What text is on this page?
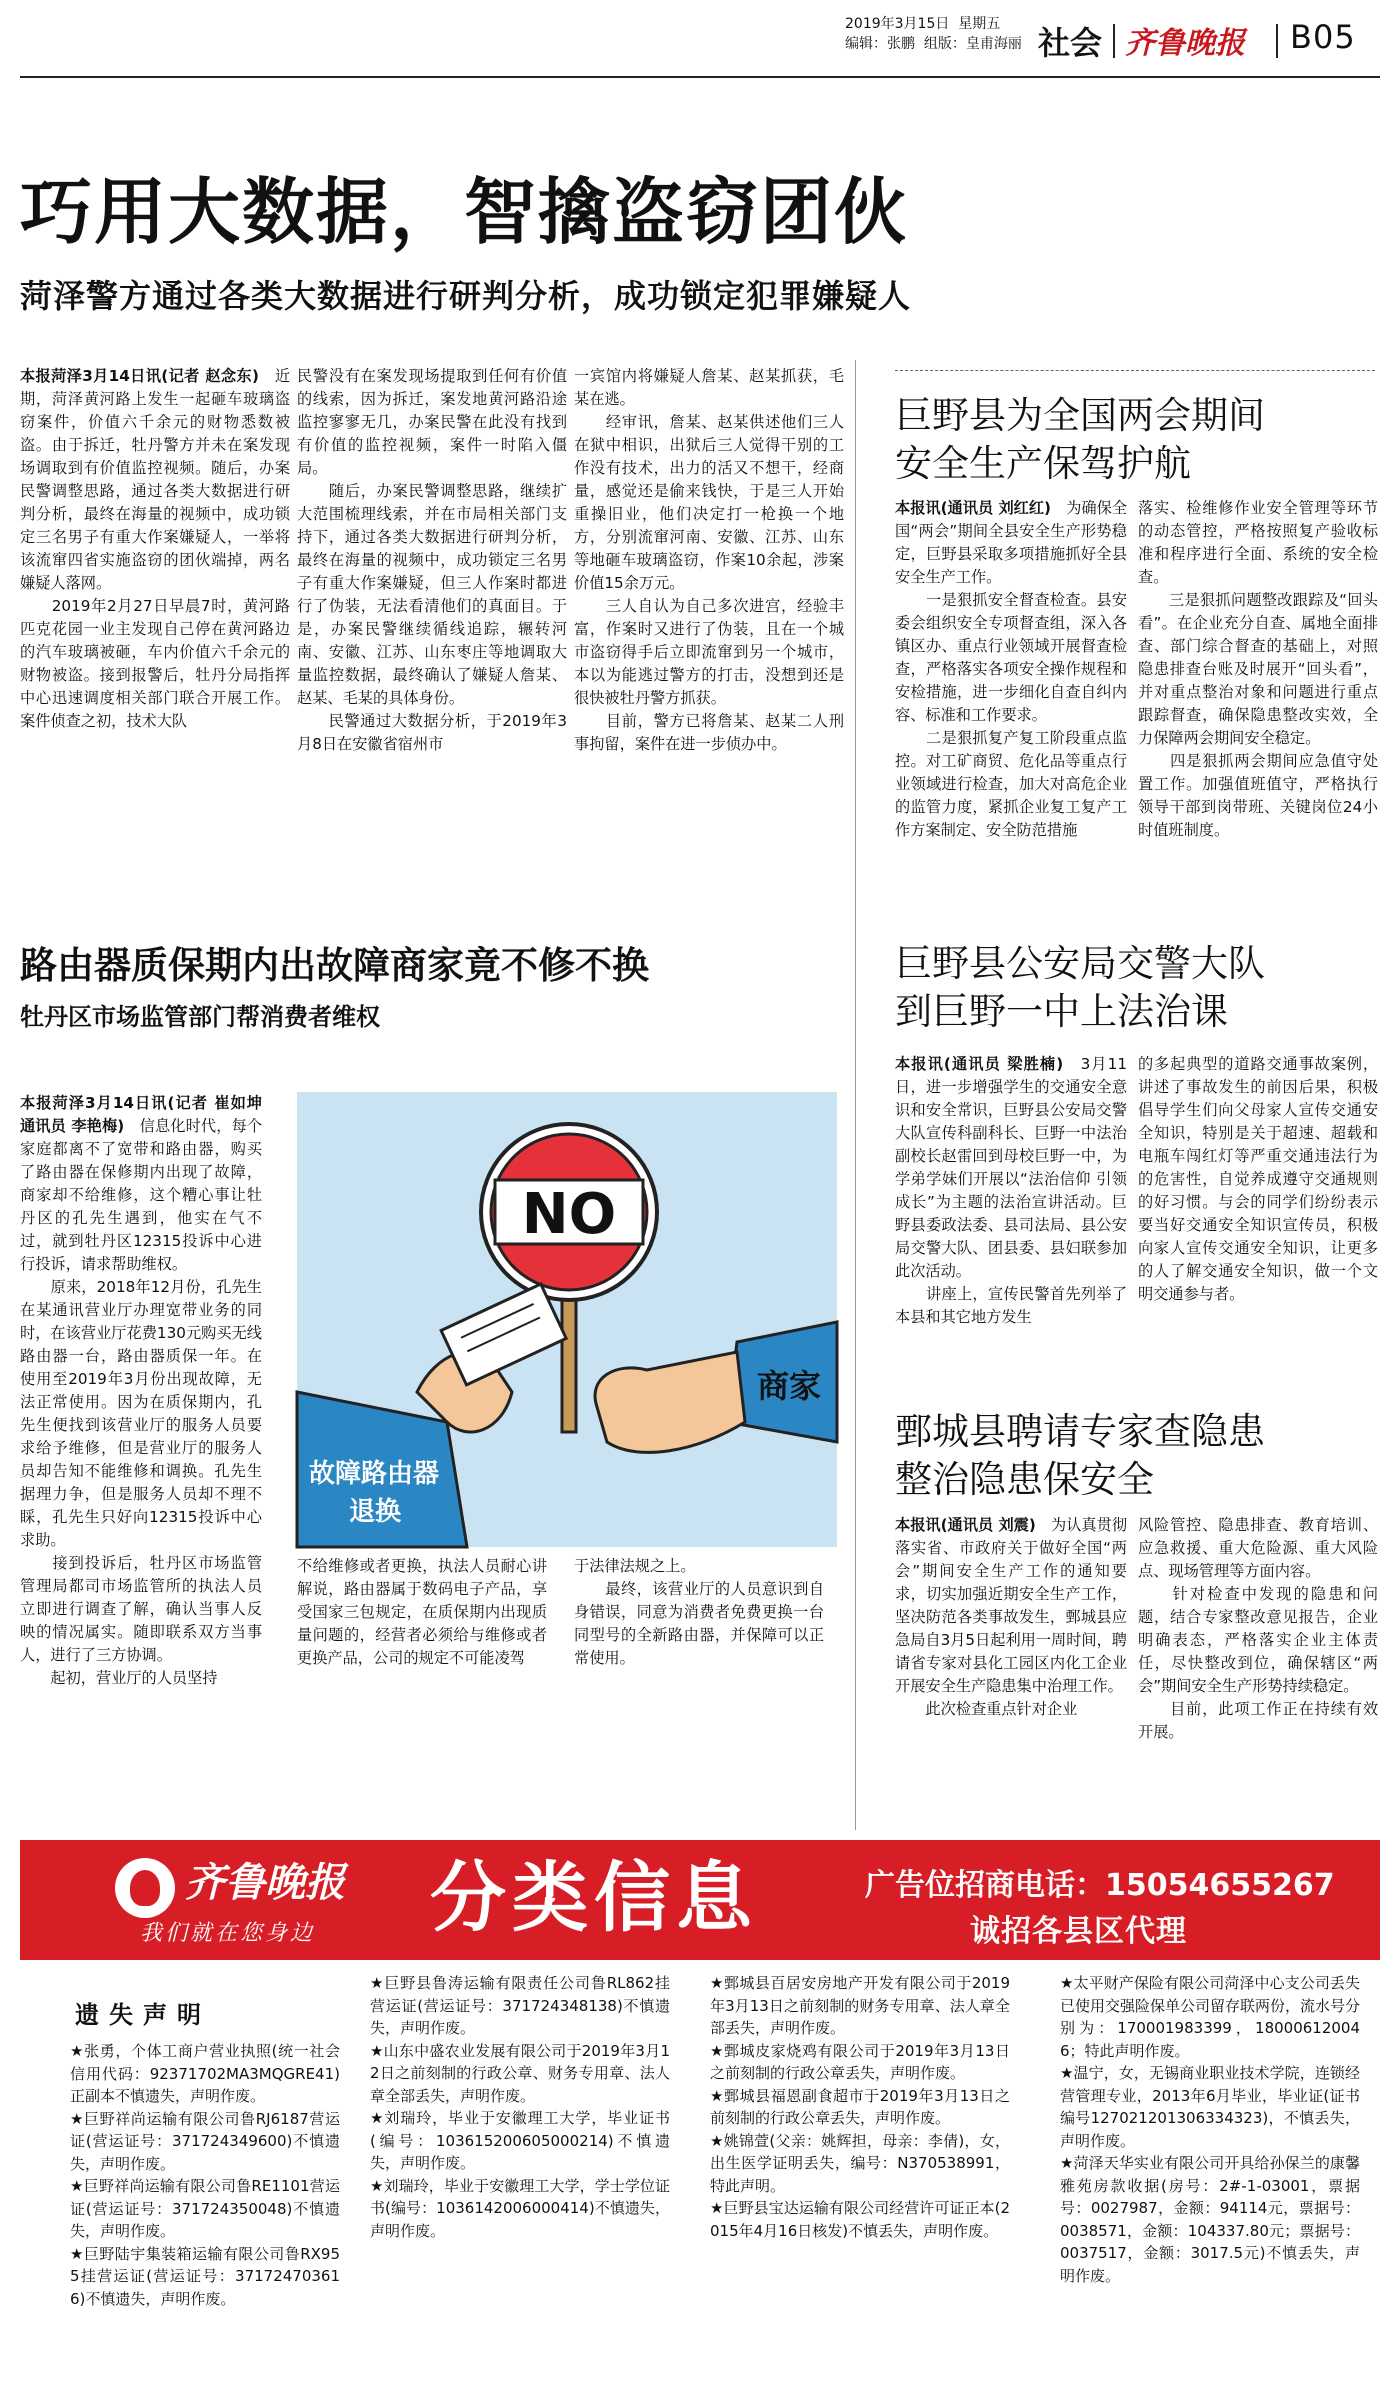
2019年3月15日 星期五
编辑：张鹏 组版：皇甫海丽 社会 齐鲁晚报 B05
巧用大数据，智擒盗窃团伙
菏泽警方通过各类大数据进行研判分析，成功锁定犯罪嫌疑人

本报菏泽3月14日讯(记者 赵念东)　 近期，菏泽黄河路上发生一起砸车玻璃盗窃案件，价值六千余元的财物悉数被盗。由于拆迁，牡丹警方并未在案发现场调取到有价值监控视频。随后，办案民警调整思路，通过各类大数据进行研判分析，最终在海量的视频中，成功锁定三名男子有重大作案嫌疑人，一举将该流窜四省实施盗窃的团伙端掉，两名嫌疑人落网。
　　2019年2月27日早晨7时，黄河路匹克花园一业主发现自己停在黄河路边的汽车玻璃被砸，车内价值六千余元的财物被盗。接到报警后，牡丹分局指挥中心迅速调度相关部门联合开展工作。案件侦查之初，技术大队

民警没有在案发现场提取到任何有价值的线索，因为拆迁，案发地黄河路沿途监控寥寥无几，办案民警在此没有找到有价值的监控视频，案件一时陷入僵局。
　　随后，办案民警调整思路，继续扩大范围梳理线索，并在市局相关部门支持下，通过各类大数据进行研判分析，最终在海量的视频中，成功锁定三名男子有重大作案嫌疑，但三人作案时都进行了伪装，无法看清他们的真面目。于是，办案民警继续循线追踪，辗转河南、安徽、江苏、山东枣庄等地调取大量监控数据，最终确认了嫌疑人詹某、赵某、毛某的具体身份。
　　民警通过大数据分析，于2019年3月8日在安徽省宿州市

一宾馆内将嫌疑人詹某、赵某抓获，毛某在逃。
　　经审讯，詹某、赵某供述他们三人在狱中相识，出狱后三人觉得干别的工作没有技术，出力的活又不想干，经商量，感觉还是偷来钱快，于是三人开始重操旧业，他们决定打一枪换一个地方，分别流窜河南、安徽、江苏、山东等地砸车玻璃盗窃，作案10余起，涉案价值15余万元。
　　三人自认为自己多次进宫，经验丰富，作案时又进行了伪装，且在一个城市盗窃得手后立即流窜到另一个城市，本以为能逃过警方的打击，没想到还是很快被牡丹警方抓获。
　　目前，警方已将詹某、赵某二人刑事拘留，案件在进一步侦办中。

巨野县为全国两会期间
安全生产保驾护航

本报讯(通讯员 刘红红)　 为确保全国“两会”期间全县安全生产形势稳定，巨野县采取多项措施抓好全县安全生产工作。
　　一是狠抓安全督查检查。县安委会组织安全专项督查组，深入各镇区办、重点行业领域开展督查检查，严格落实各项安全操作规程和安检措施，进一步细化自查自纠内容、标准和工作要求。
　　二是狠抓复产复工阶段重点监控。对工矿商贸、危化品等重点行业领域进行检查，加大对高危企业的监管力度，紧抓企业复工复产工作方案制定、安全防范措施

落实、检维修作业安全管理等环节的动态管控，严格按照复产验收标准和程序进行全面、系统的安全检查。
　　三是狠抓问题整改跟踪及“回头看”。在企业充分自查、属地全面排查、部门综合督查的基础上，对照隐患排查台账及时展开“回头看”，并对重点整治对象和问题进行重点跟踪督查，确保隐患整改实效，全力保障两会期间安全稳定。
　　四是狠抓两会期间应急值守处置工作。加强值班值守，严格执行领导干部到岗带班、关键岗位24小时值班制度。

路由器质保期内出故障商家竟不修不换
牡丹区市场监管部门帮消费者维权

本报菏泽3月14日讯(记者 崔如坤 通讯员 李艳梅)　 信息化时代，每个家庭都离不了宽带和路由器，购买了路由器在保修期内出现了故障，商家却不给维修，这个糟心事让牡丹区的孔先生遇到，他实在气不过，就到牡丹区12315投诉中心进行投诉，请求帮助维权。
　　原来，2018年12月份，孔先生在某通讯营业厅办理宽带业务的同时，在该营业厅花费130元购买无线路由器一台，路由器质保一年。在使用至2019年3月份出现故障，无法正常使用。因为在质保期内，孔先生便找到该营业厅的服务人员要求给予维修，但是营业厅的服务人员却告知不能维修和调换。孔先生据理力争，但是服务人员却不理不睬，孔先生只好向12315投诉中心求助。
　　接到投诉后，牡丹区市场监管管理局都司市场监管所的执法人员立即进行调查了解，确认当事人反映的情况属实。随即联系双方当事人，进行了三方协调。
　　起初，营业厅的人员坚持

NO
商家
故障路由器 退换

不给维修或者更换，执法人员耐心讲解说，路由器属于数码电子产品，享受国家三包规定，在质保期内出现质量问题的，经营者必须给与维修或者更换产品，公司的规定不可能凌驾

于法律法规之上。
　　最终，该营业厅的人员意识到自身错误，同意为消费者免费更换一台同型号的全新路由器，并保障可以正常使用。

巨野县公安局交警大队
到巨野一中上法治课

本报讯(通讯员 梁胜楠)　 3月11日，进一步增强学生的交通安全意识和安全常识，巨野县公安局交警大队宣传科副科长、巨野一中法治副校长赵雷回到母校巨野一中，为学弟学妹们开展以“法治信仰 引领成长”为主题的法治宣讲活动。巨野县委政法委、县司法局、县公安局交警大队、团县委、县妇联参加此次活动。
　　讲座上，宣传民警首先列举了本县和其它地方发生

的多起典型的道路交通事故案例，讲述了事故发生的前因后果，积极倡导学生们向父母家人宣传交通安全知识，特别是关于超速、超载和电瓶车闯红灯等严重交通违法行为的危害性，自觉养成遵守交通规则的好习惯。与会的同学们纷纷表示要当好交通安全知识宣传员，积极向家人宣传交通安全知识，让更多的人了解交通安全知识，做一个文明交通参与者。

鄄城县聘请专家查隐患
整治隐患保安全

本报讯(通讯员 刘震)　 为认真贯彻落实省、市政府关于做好全国“两会”期间安全生产工作的通知要求，切实加强近期安全生产工作，坚决防范各类事故发生，鄄城县应急局自3月5日起利用一周时间，聘请省专家对县化工园区内化工企业开展安全生产隐患集中治理工作。
　　此次检查重点针对企业

风险管控、隐患排查、教育培训、应急救援、重大危险源、重大风险点、现场管理等方面内容。
　　针对检查中发现的隐患和问题，结合专家整改意见报告，企业明确表态，严格落实企业主体责任，尽快整改到位，确保辖区“两会”期间安全生产形势持续稳定。
　　目前，此项工作正在持续有效开展。

齐鲁晚报
我们就在您身边 分类信息	广告位招商电话：15054655267
诚招各县区代理
遗失声明

★张勇，个体工商户营业执照(统一社会信用代码：92371702MA3MQGRE41)正副本不慎遗失，声明作废。

★巨野祥尚运输有限公司鲁RJ6187营运证(营运证号：371724349600)不慎遗失，声明作废。

★巨野祥尚运输有限公司鲁RE1101营运证(营运证号：371724350048)不慎遗失，声明作废。

★巨野陆宇集装箱运输有限公司鲁RX955挂营运证(营运证号：371724703616)不慎遗失，声明作废。

★巨野县鲁涛运输有限责任公司鲁RL862挂营运证(营运证号：371724348138)不慎遗失，声明作废。

★山东中盛农业发展有限公司于2019年3月12日之前刻制的行政公章、财务专用章、法人章全部丢失，声明作废。

★刘瑞玲，毕业于安徽理工大学，毕业证书(编号：103615200605000214)不慎遗失，声明作废。

★刘瑞玲，毕业于安徽理工大学，学士学位证书(编号：1036142006000414)不慎遗失，声明作废。

★鄄城县百居安房地产开发有限公司于2019年3月13日之前刻制的财务专用章、法人章全部丢失，声明作废。

★鄄城皮家烧鸡有限公司于2019年3月13日之前刻制的行政公章丢失，声明作废。

★鄄城县福恩副食超市于2019年3月13日之前刻制的行政公章丢失，声明作废。

★姚锦萱(父亲：姚辉担，母亲：李倩)，女，出生医学证明丢失，编号：N370538991，特此声明。

★巨野县宝达运输有限公司经营许可证正本(2015年4月16日核发)不慎丢失，声明作废。

★太平财产保险有限公司菏泽中心支公司丢失已使用交强险保单公司留存联两份，流水号分别为：170001983399，180006120046；特此声明作废。

★温宁，女，无锡商业职业技术学院，连锁经营管理专业，2013年6月毕业，毕业证(证书编号127021201306334323)，不慎丢失，声明作废。

★菏泽天华实业有限公司开具给孙保兰的康馨雅苑房款收据(房号：2#-1-03001，票据号：0027987，金额：94114元，票据号：0038571，金额：104337.80元；票据号：0037517，金额：3017.5元)不慎丢失，声明作废。
